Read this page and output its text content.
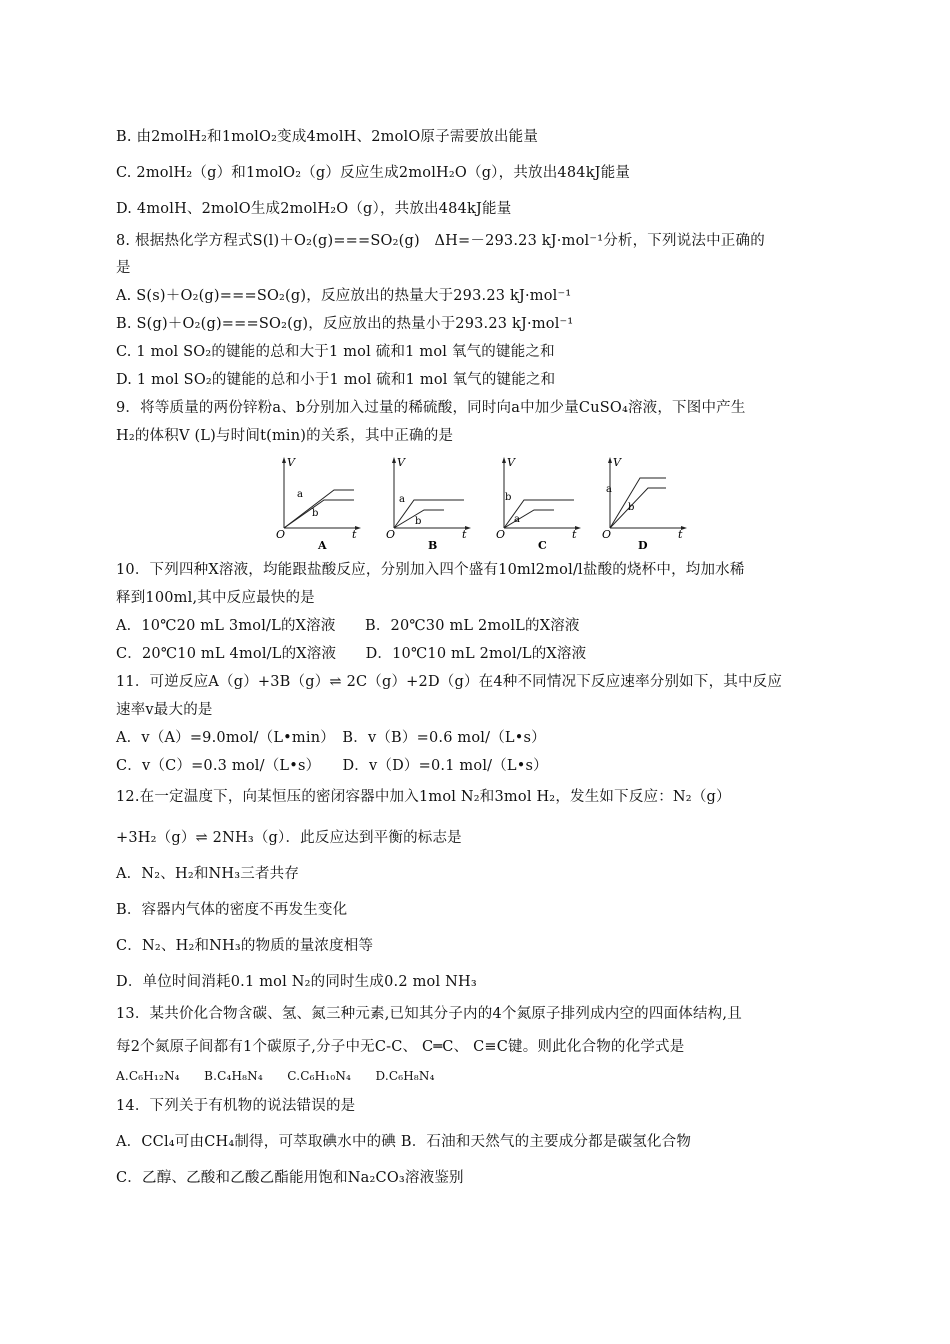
B. 由2molH₂和1molO₂变成4molH、2molO原子需要放出能量
C. 2molH₂（g）和1molO₂（g）反应生成2molH₂O（g），共放出484kJ能量
D. 4molH、2molO生成2molH₂O（g），共放出484kJ能量
8. 根据热化学方程式S(l)＋O₂(g)===SO₂(g)　ΔH=－293.23 kJ·mol⁻¹分析，下列说法中正确的
是
A. S(s)＋O₂(g)===SO₂(g)，反应放出的热量大于293.23 kJ·mol⁻¹
B. S(g)＋O₂(g)===SO₂(g)，反应放出的热量小于293.23 kJ·mol⁻¹
C. 1 mol SO₂的键能的总和大于1 mol 硫和1 mol 氧气的键能之和
D. 1 mol SO₂的键能的总和小于1 mol 硫和1 mol 氧气的键能之和
9．将等质量的两份锌粉a、b分别加入过量的稀硫酸，同时向a中加少量CuSO₄溶液，下图中产生
H₂的体积V (L)与时间t(min)的关系，其中正确的是
V
O	t
a
b
A
V
O	t
a
b
B
V
O	t
b
a
C
V
O	t
a
b
D
10．下列四种X溶液，均能跟盐酸反应，分别加入四个盛有10ml2mol/l盐酸的烧杯中，均加水稀
释到100ml,其中反应最快的是
A．10℃20 mL 3mol/L的X溶液　　B．20℃30 mL 2molL的X溶液
C．20℃10 mL 4mol/L的X溶液　　D．10℃10 mL 2mol/L的X溶液
11．可逆反应A（g）+3B（g）⇌ 2C（g）+2D（g）在4种不同情况下反应速率分别如下，其中反应
速率v最大的是
A．v（A）=9.0mol/（L•min）　B．v（B）=0.6 mol/（L•s）
C．v（C）=0.3 mol/（L•s）　　D．v（D）=0.1 mol/（L•s）
12.在一定温度下，向某恒压的密闭容器中加入1mol N₂和3mol H₂，发生如下反应：N₂（g）
+3H₂（g）⇌ 2NH₃（g）．此反应达到平衡的标志是
A．N₂、H₂和NH₃三者共存
B．容器内气体的密度不再发生变化
C．N₂、H₂和NH₃的物质的量浓度相等
D．单位时间消耗0.1 mol N₂的同时生成0.2 mol NH₃
13．某共价化合物含碳、氢、氮三种元素,已知其分子内的4个氮原子排列成内空的四面体结构,且
每2个氮原子间都有1个碳原子,分子中无C-C、 C═C、 C≡C键。则此化合物的化学式是
A.C₆H₁₂N₄　　B.C₄H₈N₄　　C.C₆H₁₀N₄　　D.C₆H₈N₄
14．下列关于有机物的说法错误的是
A．CCl₄可由CH₄制得，可萃取碘水中的碘 B．石油和天然气的主要成分都是碳氢化合物
C．乙醇、乙酸和乙酸乙酯能用饱和Na₂CO₃溶液鉴别
